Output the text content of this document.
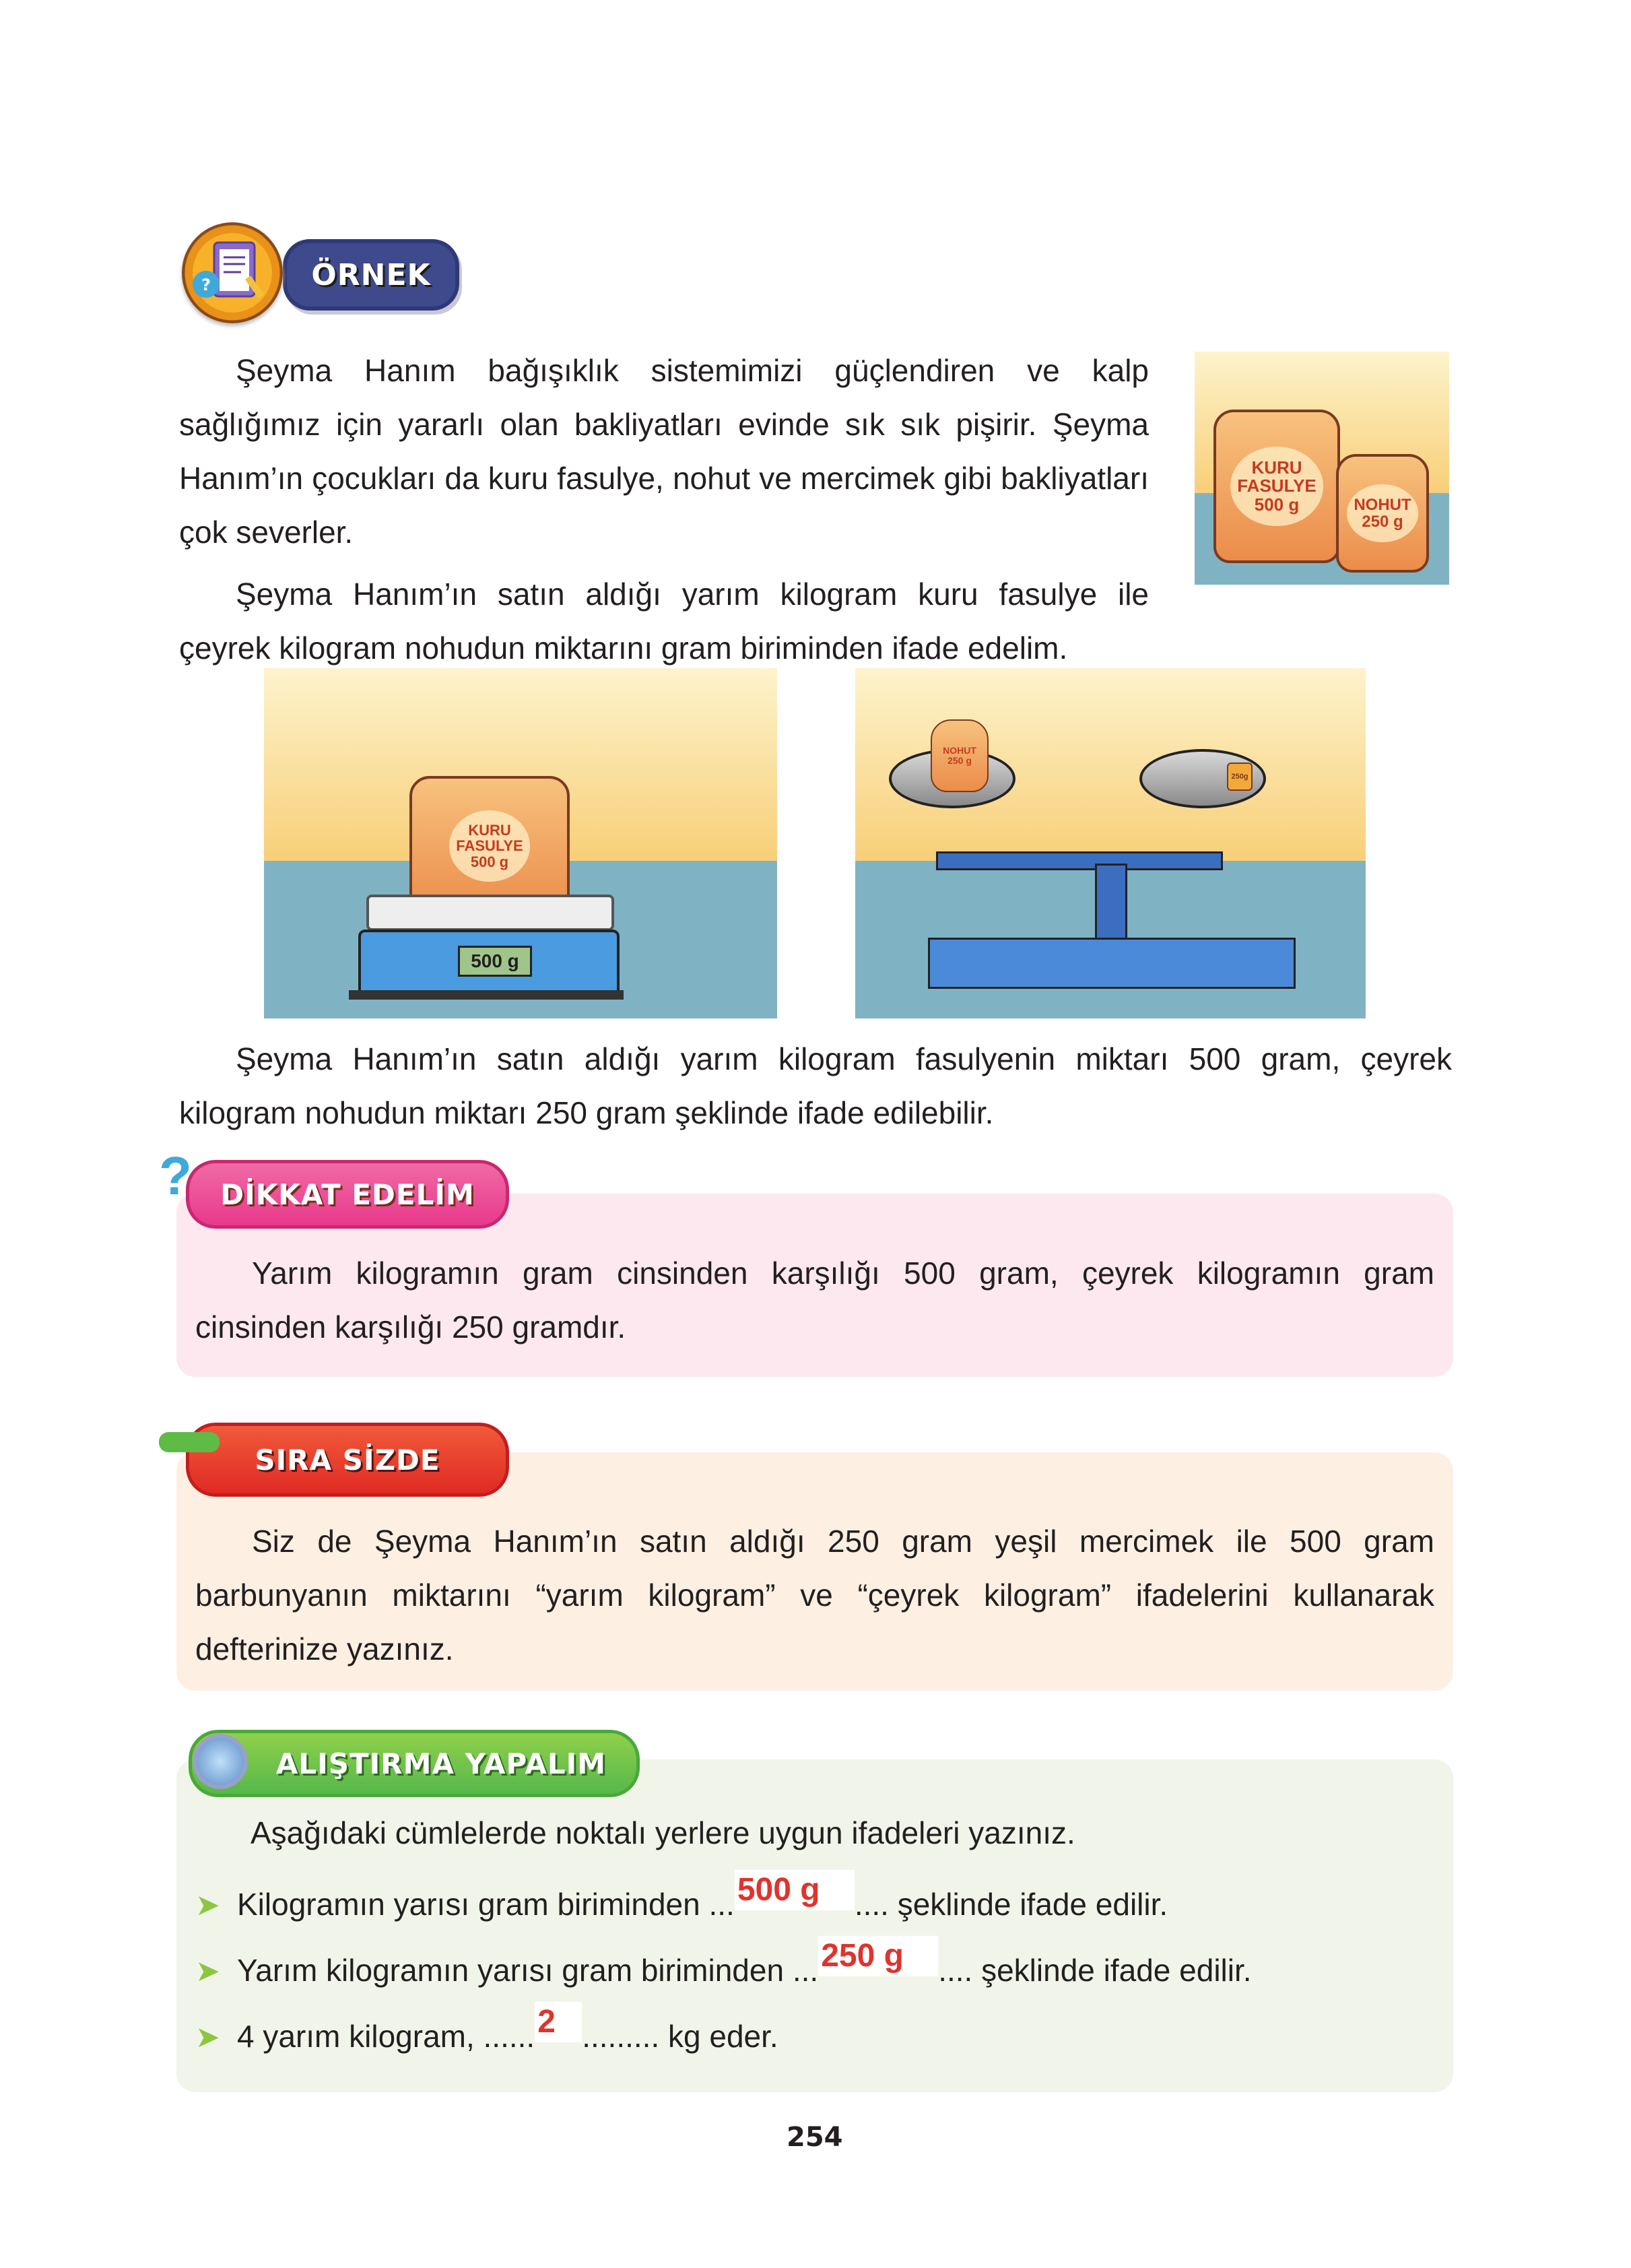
ÖRNEK
?

Şeyma Hanım bağışıklık sistemimizi güçlendiren ve kalp sağlığımız için yararlı olan bakliyatları evinde sık sık pişirir. Şeyma Hanım’ın çocukları da kuru fasulye, nohut ve mercimek gibi bakliyatları çok severler.

Şeyma Hanım’ın satın aldığı yarım kilogram kuru fasulye ile çeyrek kilogram nohudun miktarını gram biriminden ifade edelim.

KURU
FASULYE
500 g	NOHUT
250 g
KURU
FASULYE
500 g
500 g
NOHUT
250 g
250g

Şeyma Hanım’ın satın aldığı yarım kilogram fasulyenin miktarı 500 gram, çeyrek kilogram nohudun miktarı 250 gram şeklinde ifade edilebilir.

DİKKAT EDELİM
?

Yarım kilogramın gram cinsinden karşılığı 500 gram, çeyrek kilogramın gram cinsinden karşılığı 250 gramdır.

SIRA SİZDE

Siz de Şeyma Hanım’ın satın aldığı 250 gram yeşil mercimek ile 500 gram barbunyanın miktarını “yarım kilogram” ve “çeyrek kilogram” ifadelerini kullanarak defterinize yazınız.

ALIŞTIRMA YAPALIM
Aşağıdaki cümlelerde noktalı yerlere uygun ifadeleri yazınız.
➤ Kilogramın yarısı gram biriminden ...500 g .... şeklinde ifade edilir.
➤ Yarım kilogramın yarısı gram biriminden ...250 g .... şeklinde ifade edilir.
➤ 4 yarım kilogram, ......2 ......... kg eder.
254
